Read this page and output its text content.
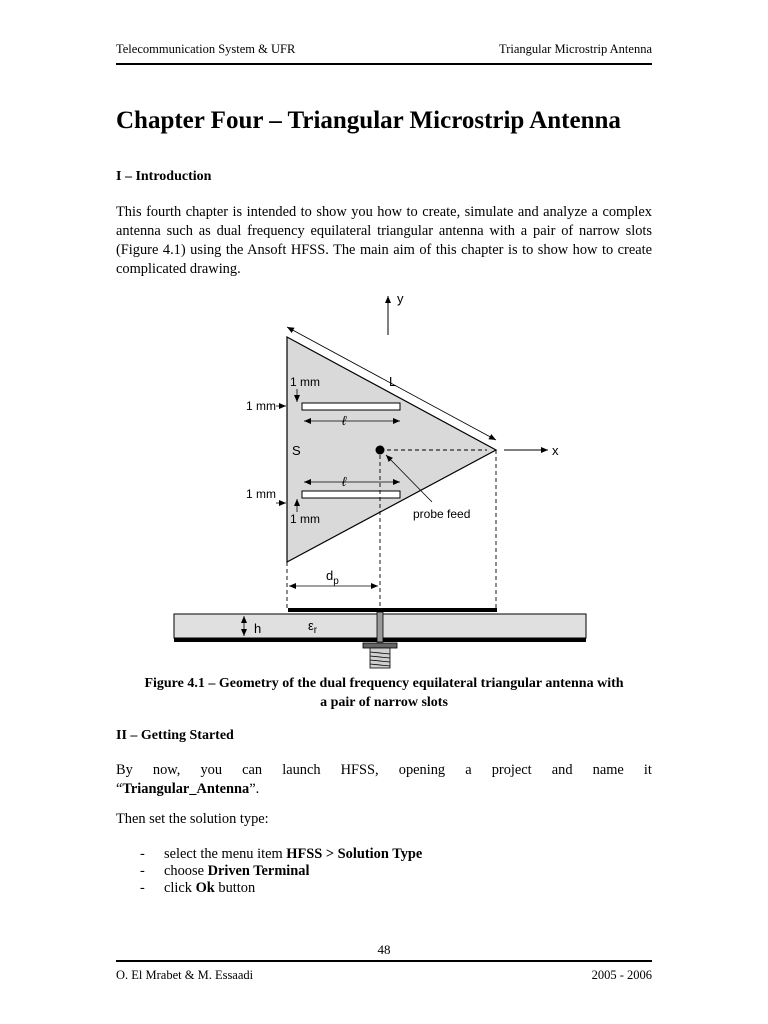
Telecommunication System & UFR	Triangular Microstrip Antenna
Chapter Four – Triangular Microstrip Antenna
I – Introduction
This fourth chapter is intended to show you how to create, simulate and analyze a complex antenna such as dual frequency equilateral triangular antenna with a pair of narrow slots (Figure 4.1) using the Ansoft HFSS. The main aim of this chapter is to show how to create complicated drawing.
y
L
x
ℓ
ℓ
1 mm
1 mm
S
1 mm
1 mm	probe feed
$d_p$
h	$\varepsilon_r$
Figure 4.1 – Geometry of the dual frequency equilateral triangular antenna with
a pair of narrow slots
II – Getting Started
By now, you can launch HFSS, opening a project and name it
“Triangular_Antenna”.
Then set the solution type:
- select the menu item HFSS > Solution Type
- choose Driven Terminal
- click Ok button
48
O. El Mrabet & M. Essaadi	2005 - 2006
